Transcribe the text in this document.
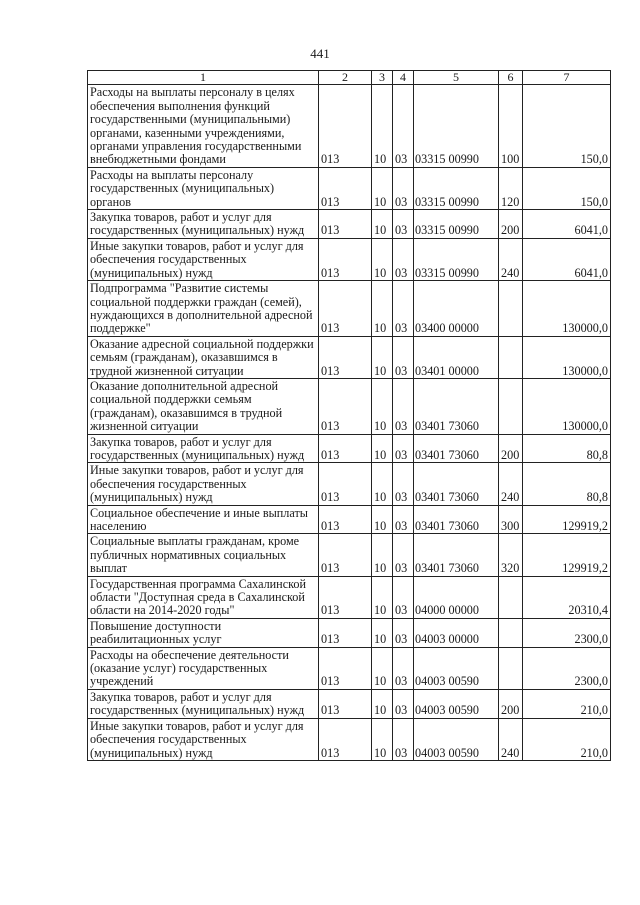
441
1	2	3	4	5	6	7
Расходы на выплаты персоналу в целях обеспечения выполнения функций государственными (муниципальными) органами, казенными учреждениями, органами управления государственными внебюджетными фондами	013	10	03	03315 00990	100	150,0
Расходы на выплаты персоналу государственных (муниципальных) органов	013	10	03	03315 00990	120	150,0
Закупка товаров, работ и услуг для государственных (муниципальных) нужд	013	10	03	03315 00990	200	6041,0
Иные закупки товаров, работ и услуг для обеспечения государственных (муниципальных) нужд	013	10	03	03315 00990	240	6041,0
Подпрограмма "Развитие системы социальной поддержки граждан (семей), нуждающихся в дополнительной адресной поддержке"	013	10	03	03400 00000		130000,0
Оказание адресной социальной поддержки семьям (гражданам), оказавшимся в трудной жизненной ситуации	013	10	03	03401 00000		130000,0
Оказание дополнительной адресной социальной поддержки семьям (гражданам), оказавшимся в трудной жизненной ситуации	013	10	03	03401 73060		130000,0
Закупка товаров, работ и услуг для государственных (муниципальных) нужд	013	10	03	03401 73060	200	80,8
Иные закупки товаров, работ и услуг для обеспечения государственных (муниципальных) нужд	013	10	03	03401 73060	240	80,8
Социальное обеспечение и иные выплаты населению	013	10	03	03401 73060	300	129919,2
Социальные выплаты гражданам, кроме публичных нормативных социальных выплат	013	10	03	03401 73060	320	129919,2
Государственная программа Сахалинской области "Доступная среда в Сахалинской области на 2014-2020 годы"	013	10	03	04000 00000		20310,4
Повышение доступности реабилитационных услуг	013	10	03	04003 00000		2300,0
Расходы на обеспечение деятельности (оказание услуг) государственных учреждений	013	10	03	04003 00590		2300,0
Закупка товаров, работ и услуг для государственных (муниципальных) нужд	013	10	03	04003 00590	200	210,0
Иные закупки товаров, работ и услуг для обеспечения государственных (муниципальных) нужд	013	10	03	04003 00590	240	210,0
